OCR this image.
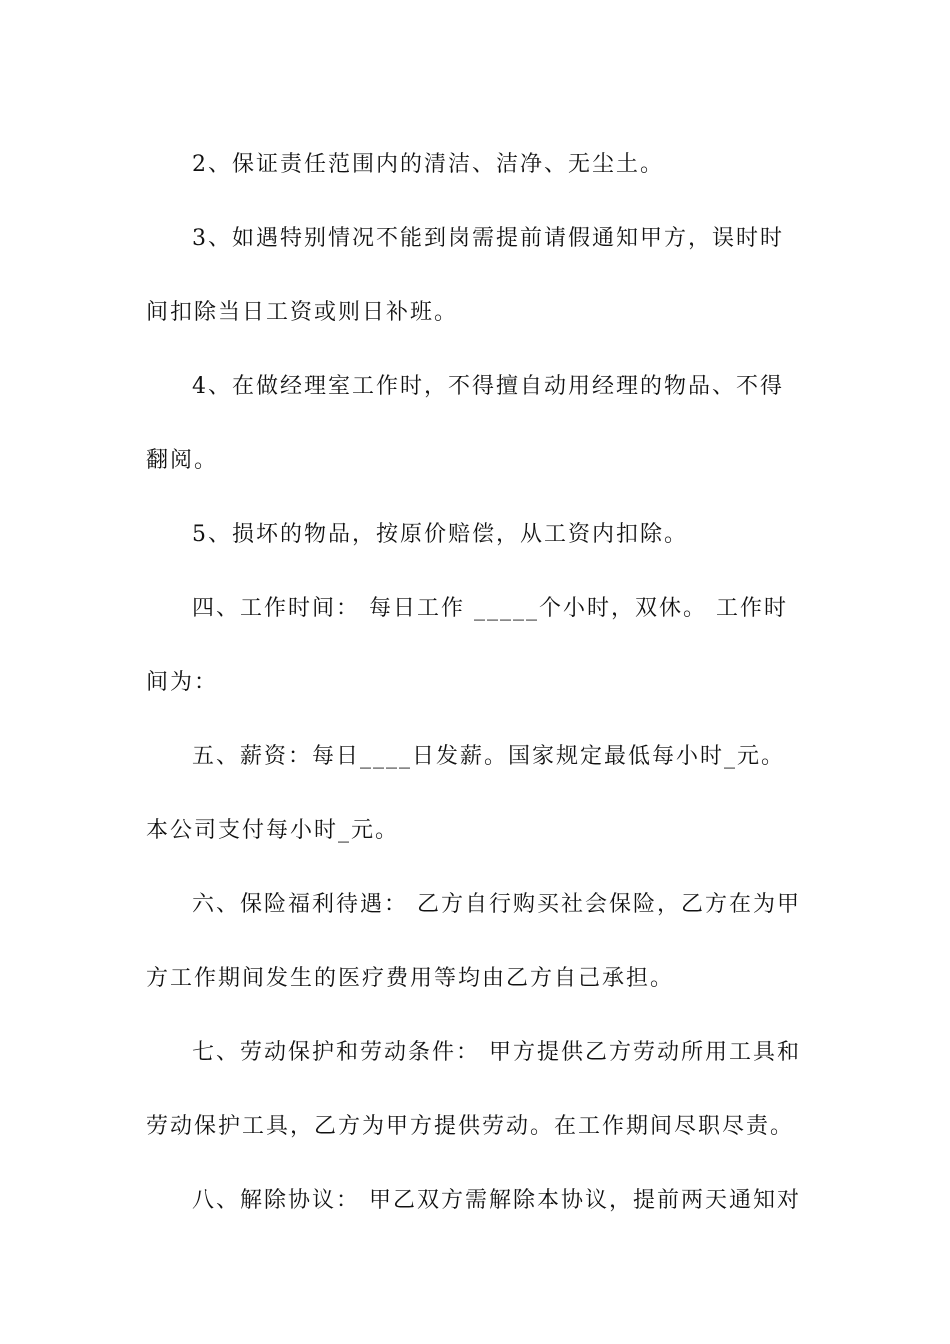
2、保证责任范围内的清洁、洁净、无尘土。

3、如遇特别情况不能到岗需提前请假通知甲方，误时时间扣除当日工资或则日补班。

4、在做经理室工作时，不得擅自动用经理的物品、不得翻阅。

5、损坏的物品，按原价赔偿，从工资内扣除。

四、工作时间： 每日工作 _____个小时，双休。 工作时间为：

五、薪资：每日____日发薪。国家规定最低每小时_元。本公司支付每小时_元。

六、保险福利待遇： 乙方自行购买社会保险，乙方在为甲方工作期间发生的医疗费用等均由乙方自己承担。

七、劳动保护和劳动条件： 甲方提供乙方劳动所用工具和劳动保护工具，乙方为甲方提供劳动。在工作期间尽职尽责。

八、解除协议： 甲乙双方需解除本协议，提前两天通知对
